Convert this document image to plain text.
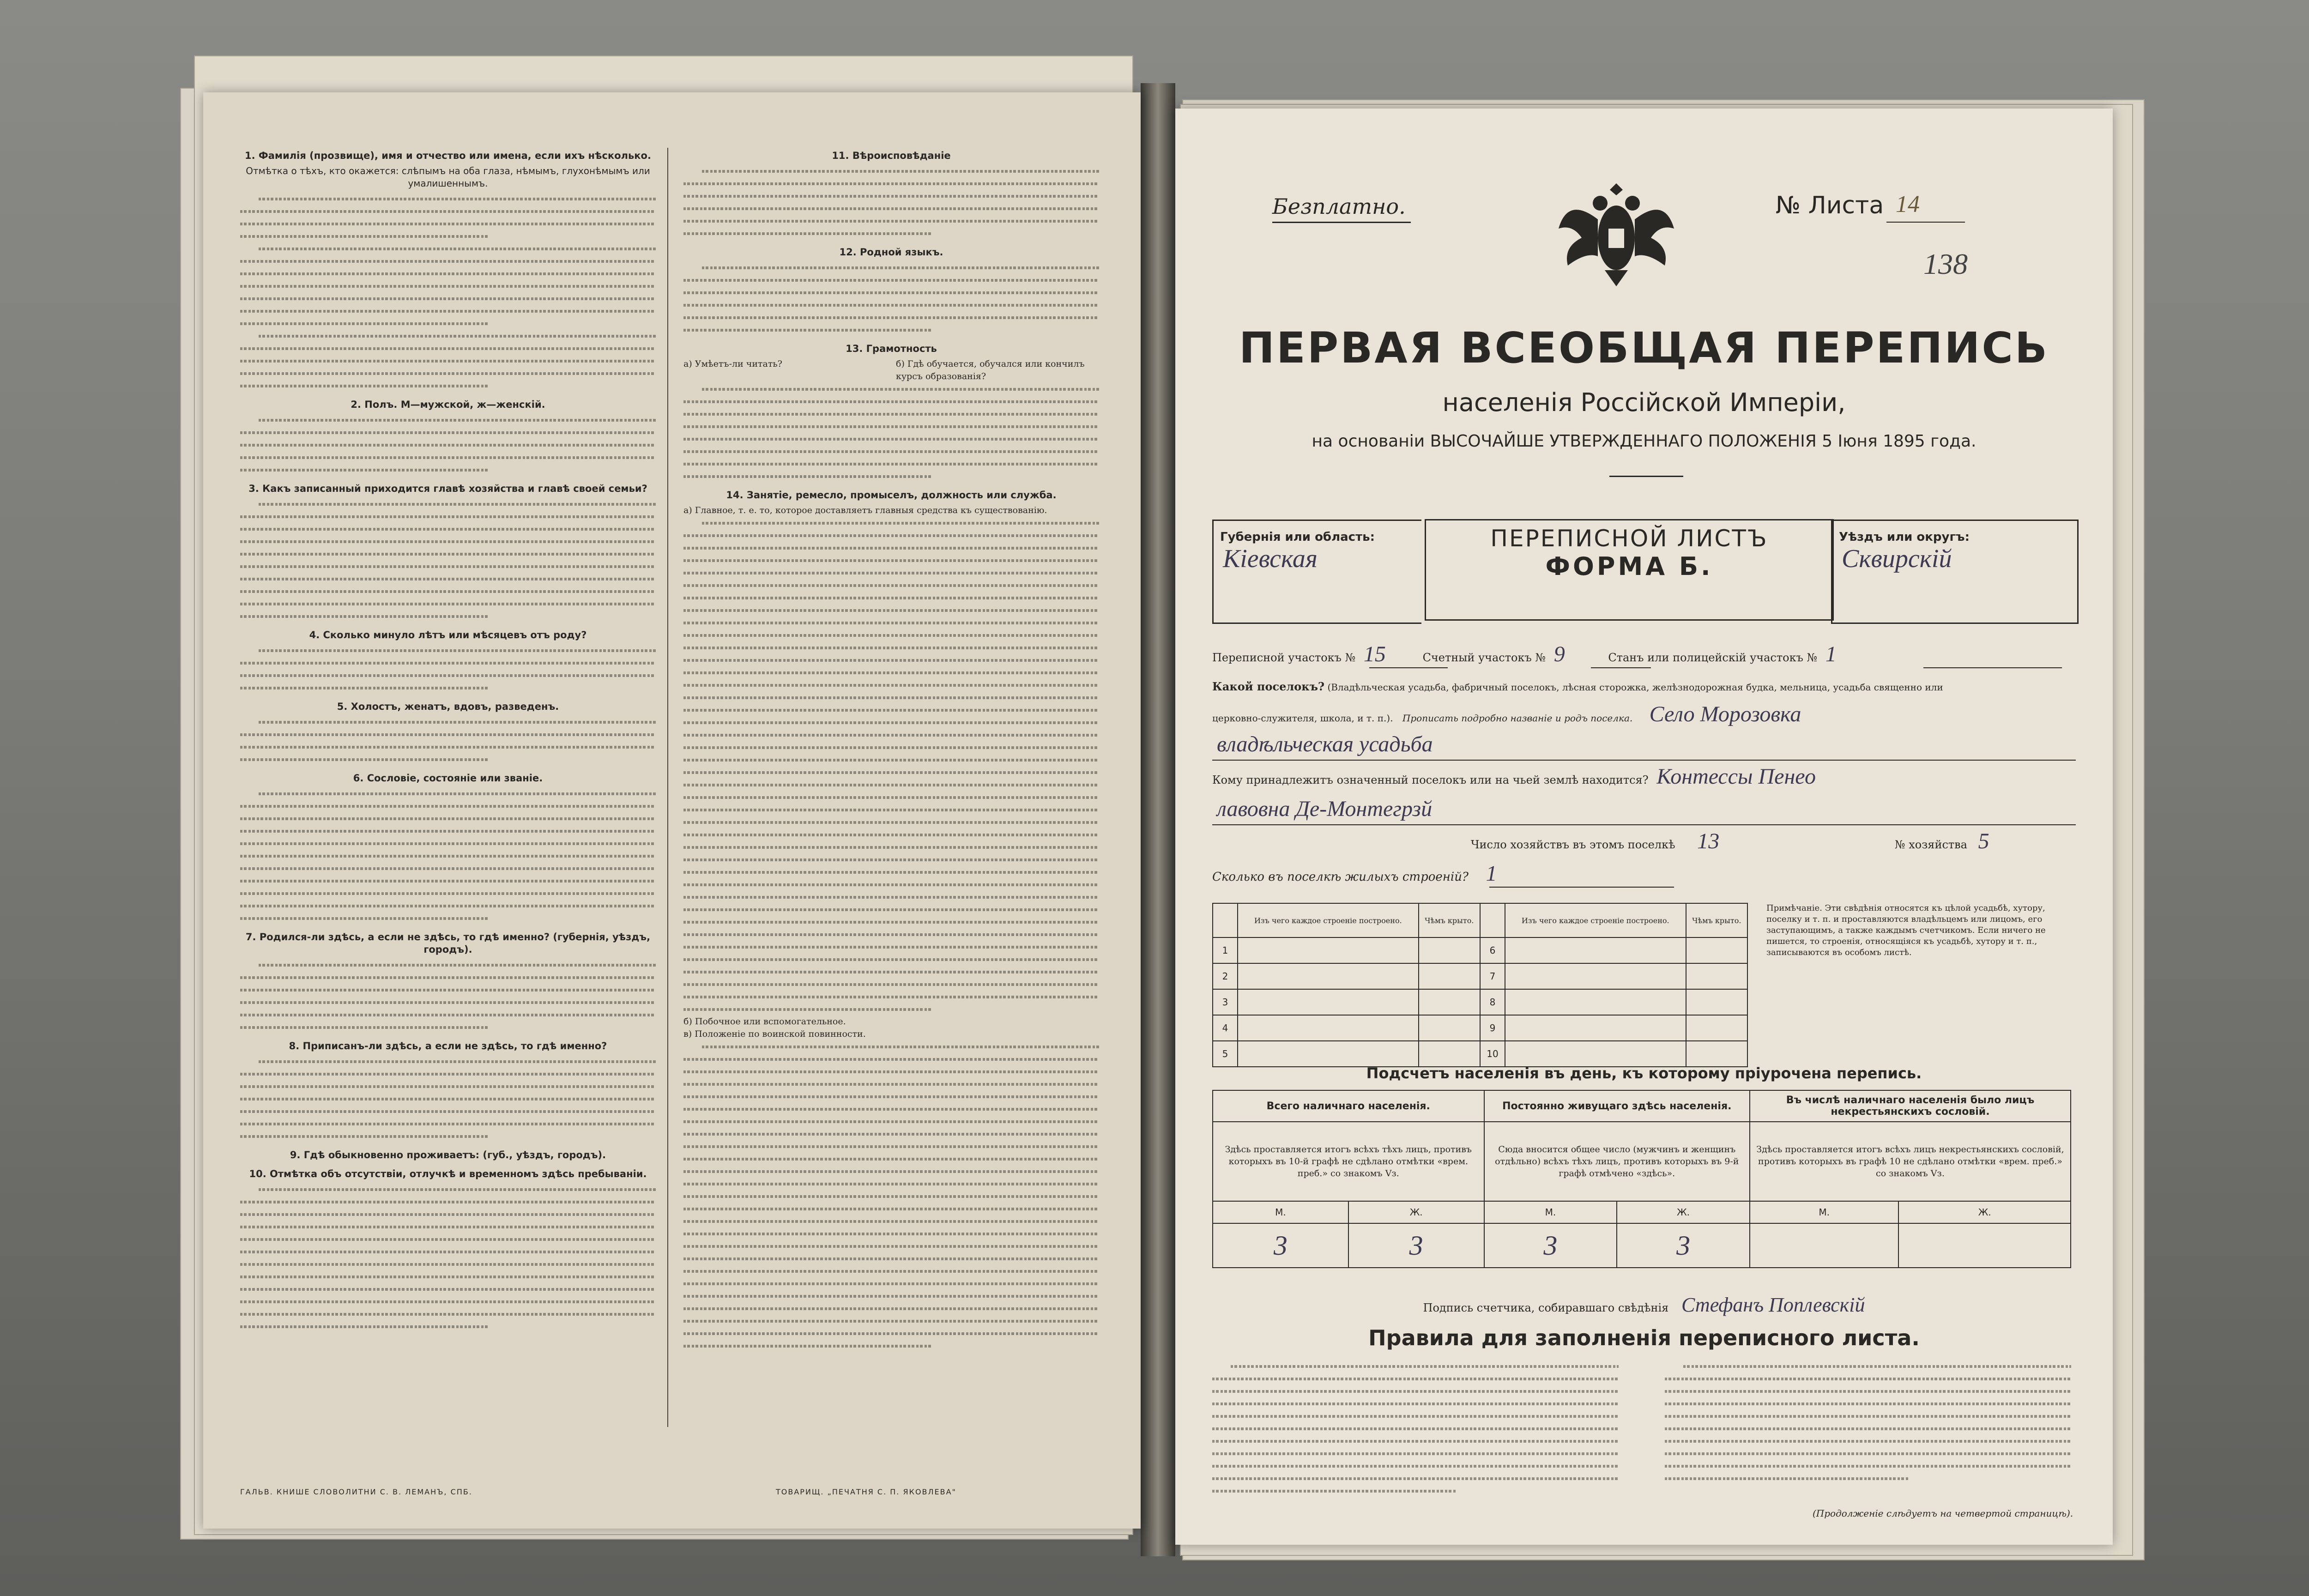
1. Фамилія (прозвище), имя и отчество или имена, если ихъ нѣсколько.
Отмѣтка о тѣхъ, кто окажется: слѣпымъ на оба глаза, нѣмымъ, глухонѣмымъ или умалишеннымъ.
2. Полъ. М—мужской, ж—женскій.
3. Какъ записанный приходится главѣ хозяйства и главѣ своей семьи?
4. Сколько минуло лѣтъ или мѣсяцевъ отъ роду?
5. Холостъ, женатъ, вдовъ, разведенъ.
6. Сословіе, состояніе или званіе.
7. Родился-ли здѣсь, а если не здѣсь, то гдѣ именно? (губернія, уѣздъ, городъ).
8. Приписанъ-ли здѣсь, а если не здѣсь, то гдѣ именно?
9. Гдѣ обыкновенно проживаетъ: (губ., уѣздъ, городъ).
10. Отмѣтка объ отсутствіи, отлучкѣ и временномъ здѣсь пребываніи.
11. Вѣроисповѣданіе
12. Родной языкъ.
13. Грамотность
а) Умѣетъ-ли читать?	б) Гдѣ обучается, обучался или кончилъ курсъ образованія?
14. Занятіе, ремесло, промыселъ, должность или служба.
а) Главное, т. е. то, которое доставляетъ главныя средства къ существованію.
б) Побочное или вспомогательное.
в) Положеніе по воинской повинности.
ГАЛЬВ. КНИШЕ СЛОВОЛИТНИ С. В. ЛЕМАНЪ, СПБ.	ТОВАРИЩ. „ПЕЧАТНЯ С. П. ЯКОВЛЕВА"
Безплатно.	№ Листа 14
138
ПЕРВАЯ ВСЕОБЩАЯ ПЕРЕПИСЬ
населенія Россійской Имперіи,
на основаніи ВЫСОЧАЙШЕ УТВЕРЖДЕННАГО ПОЛОЖЕНІЯ 5 Іюня 1895 года.
Губернія или область:
Кіевская
Уѣздъ или округъ:
Сквирскій
ПЕРЕПИСНОЙ ЛИСТЪ
ФОРМА Б.
Переписной участокъ № 15	Счетный участокъ № 9	Станъ или полицейскій участокъ № 1
Какой поселокъ? (Владѣльческая усадьба, фабричный поселокъ, лѣсная сторожка, желѣзнодорожная будка, мельница, усадьба священно или
церковно-служителя, школа, и т. п.). Прописать подробно названіе и родъ поселка. Село Морозовка
владѣльческая усадьба
Кому принадлежитъ означенный поселокъ или на чьей землѣ находится? Контессы Пенео
лавовна Де-Монтегрзй
Число хозяйствъ въ этомъ поселкѣ 13	№ хозяйства 5
Сколько въ поселкѣ жилыхъ строеній? 1
	Изъ чего каждое строеніе построено.	Чѣмъ крыто.		Изъ чего каждое строеніе построено.	Чѣмъ крыто.
1			6		
2			7		
3			8		
4			9		
5			10		
Примѣчаніе. Эти свѣдѣнія относятся къ цѣлой усадьбѣ, хутору, поселку и т. п. и проставляются владѣльцемъ или лицомъ, его заступающимъ, а также каждымъ счетчикомъ. Если ничего не пишется, то строенія, относящіяся къ усадьбѣ, хутору и т. п., записываются въ особомъ листѣ.
Подсчетъ населенія въ день, къ которому пріурочена перепись.
Всего наличнаго населенія.		Постоянно живущаго здѣсь населенія.		Въ числѣ наличнаго населенія было лицъ некрестьянскихъ сословій.	
Здѣсь проставляется итогъ всѣхъ тѣхъ лицъ, противъ которыхъ въ 10-й графѣ не сдѣлано отмѣтки «врем. преб.» со знакомъ Vз.		Сюда вносится общее число (мужчинъ и женщинъ отдѣльно) всѣхъ тѣхъ лицъ, противъ которыхъ въ 9-й графѣ отмѣчено «здѣсь».		Здѣсь проставляется итогъ всѣхъ лицъ некрестьянскихъ сословій, противъ которыхъ въ графѣ 10 не сдѣлано отмѣтки «врем. преб.» со знакомъ Vз.	
М.	Ж.	М.	Ж.	М.	Ж.
3	3	3	3		
Подпись счетчика, собиравшаго свѣдѣнія Стефанъ Поплевскій
Правила для заполненія переписного листа.
(Продолженіе слѣдуетъ на четвертой страницѣ).
